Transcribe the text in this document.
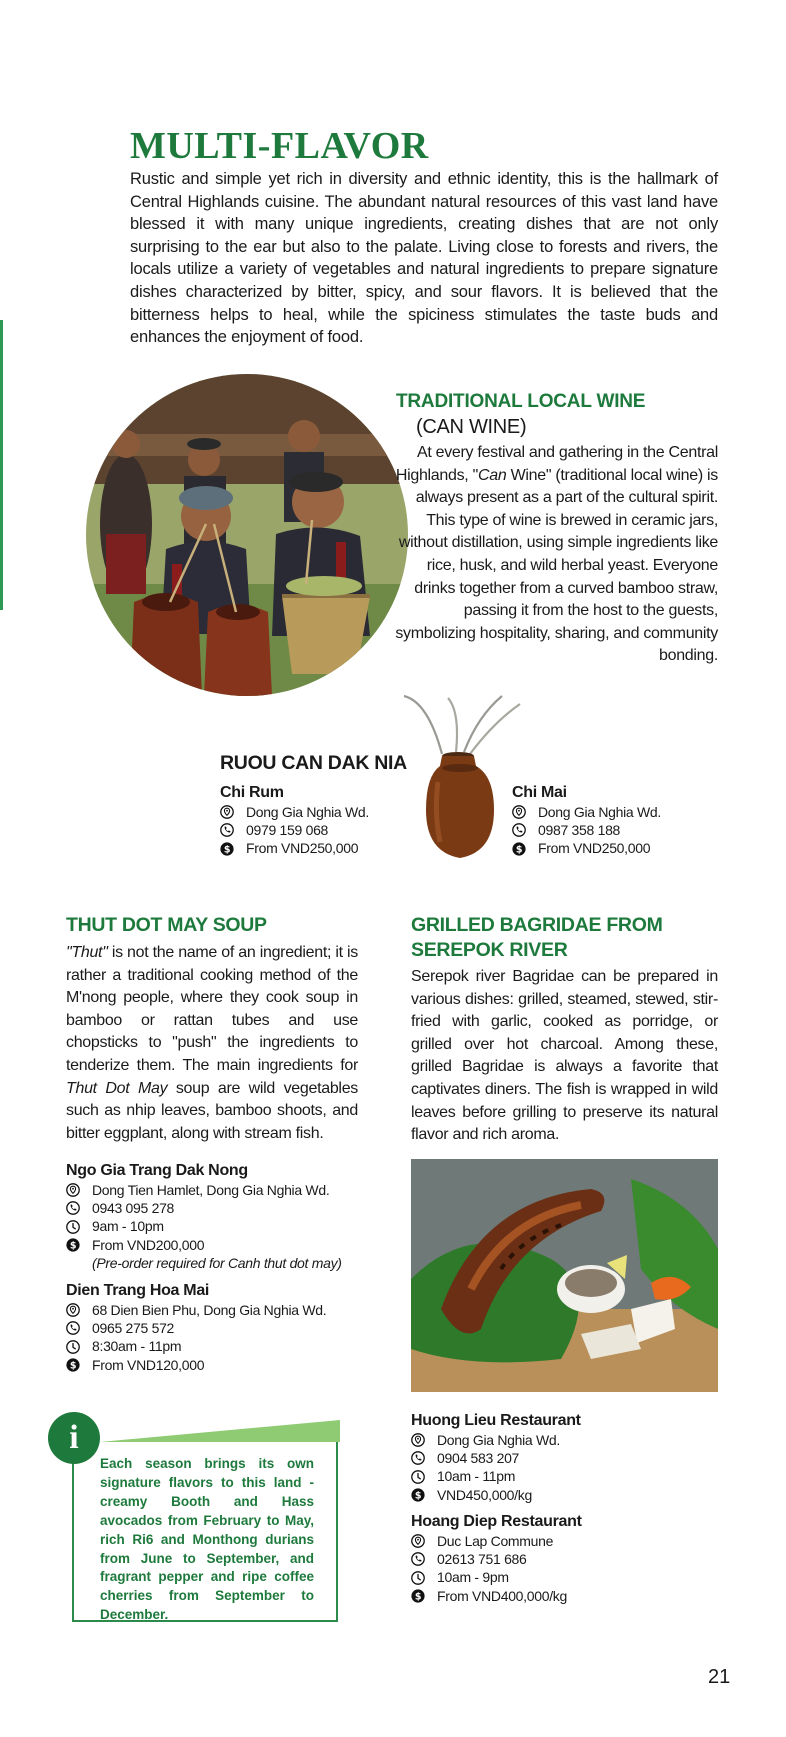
MULTI-FLAVOR
Rustic and simple yet rich in diversity and ethnic identity, this is the hallmark of Central Highlands cuisine. The abundant natural resources of this vast land have blessed it with many unique ingredients, creating dishes that are not only surprising to the ear but also to the palate. Living close to forests and rivers, the locals utilize a variety of vegetables and natural ingredients to prepare signature dishes characterized by bitter, spicy, and sour flavors. It is believed that the bitterness helps to heal, while the spiciness stimulates the taste buds and enhances the enjoyment of food.
TRADITIONAL LOCAL WINE
(CAN WINE)
At every festival and gathering in the Central Highlands, "Can Wine" (traditional local wine) is always present as a part of the cultural spirit. This type of wine is brewed in ceramic jars, without distillation, using simple ingredients like rice, husk, and wild herbal yeast. Everyone drinks together from a curved bamboo straw, passing it from the host to the guests, symbolizing hospitality, sharing, and community bonding.
RUOU CAN DAK NIA
Chi Rum
Dong Gia Nghia Wd.
0979 159 068
From VND250,000
Chi Mai
Dong Gia Nghia Wd.
0987 358 188
From VND250,000
THUT DOT MAY SOUP
"Thut" is not the name of an ingredient; it is rather a traditional cooking method of the M'nong people, where they cook soup in bamboo or rattan tubes and use chopsticks to "push" the ingredients to tenderize them. The main ingredients for Thut Dot May soup are wild vegetables such as nhip leaves, bamboo shoots, and bitter eggplant, along with stream fish.
Ngo Gia Trang Dak Nong
Dong Tien Hamlet, Dong Gia Nghia Wd.
0943 095 278
9am - 10pm
From VND200,000
(Pre-order required for Canh thut dot may)
Dien Trang Hoa Mai
68 Dien Bien Phu, Dong Gia Nghia Wd.
0965 275 572
8:30am - 11pm
From VND120,000
GRILLED BAGRIDAE FROM SEREPOK RIVER
Serepok river Bagridae can be prepared in various dishes: grilled, steamed, stewed, stir-fried with garlic, cooked as porridge, or grilled over hot charcoal. Among these, grilled Bagridae is always a favorite that captivates diners. The fish is wrapped in wild leaves before grilling to preserve its natural flavor and rich aroma.
Huong Lieu Restaurant
Dong Gia Nghia Wd.
0904 583 207
10am - 11pm
VND450,000/kg
Hoang Diep Restaurant
Duc Lap Commune
02613 751 686
10am - 9pm
From VND400,000/kg
Each season brings its own signature flavors to this land - creamy Booth and Hass avocados from February to May, rich Ri6 and Monthong durians from June to September, and fragrant pepper and ripe coffee cherries from September to December.
i
21
